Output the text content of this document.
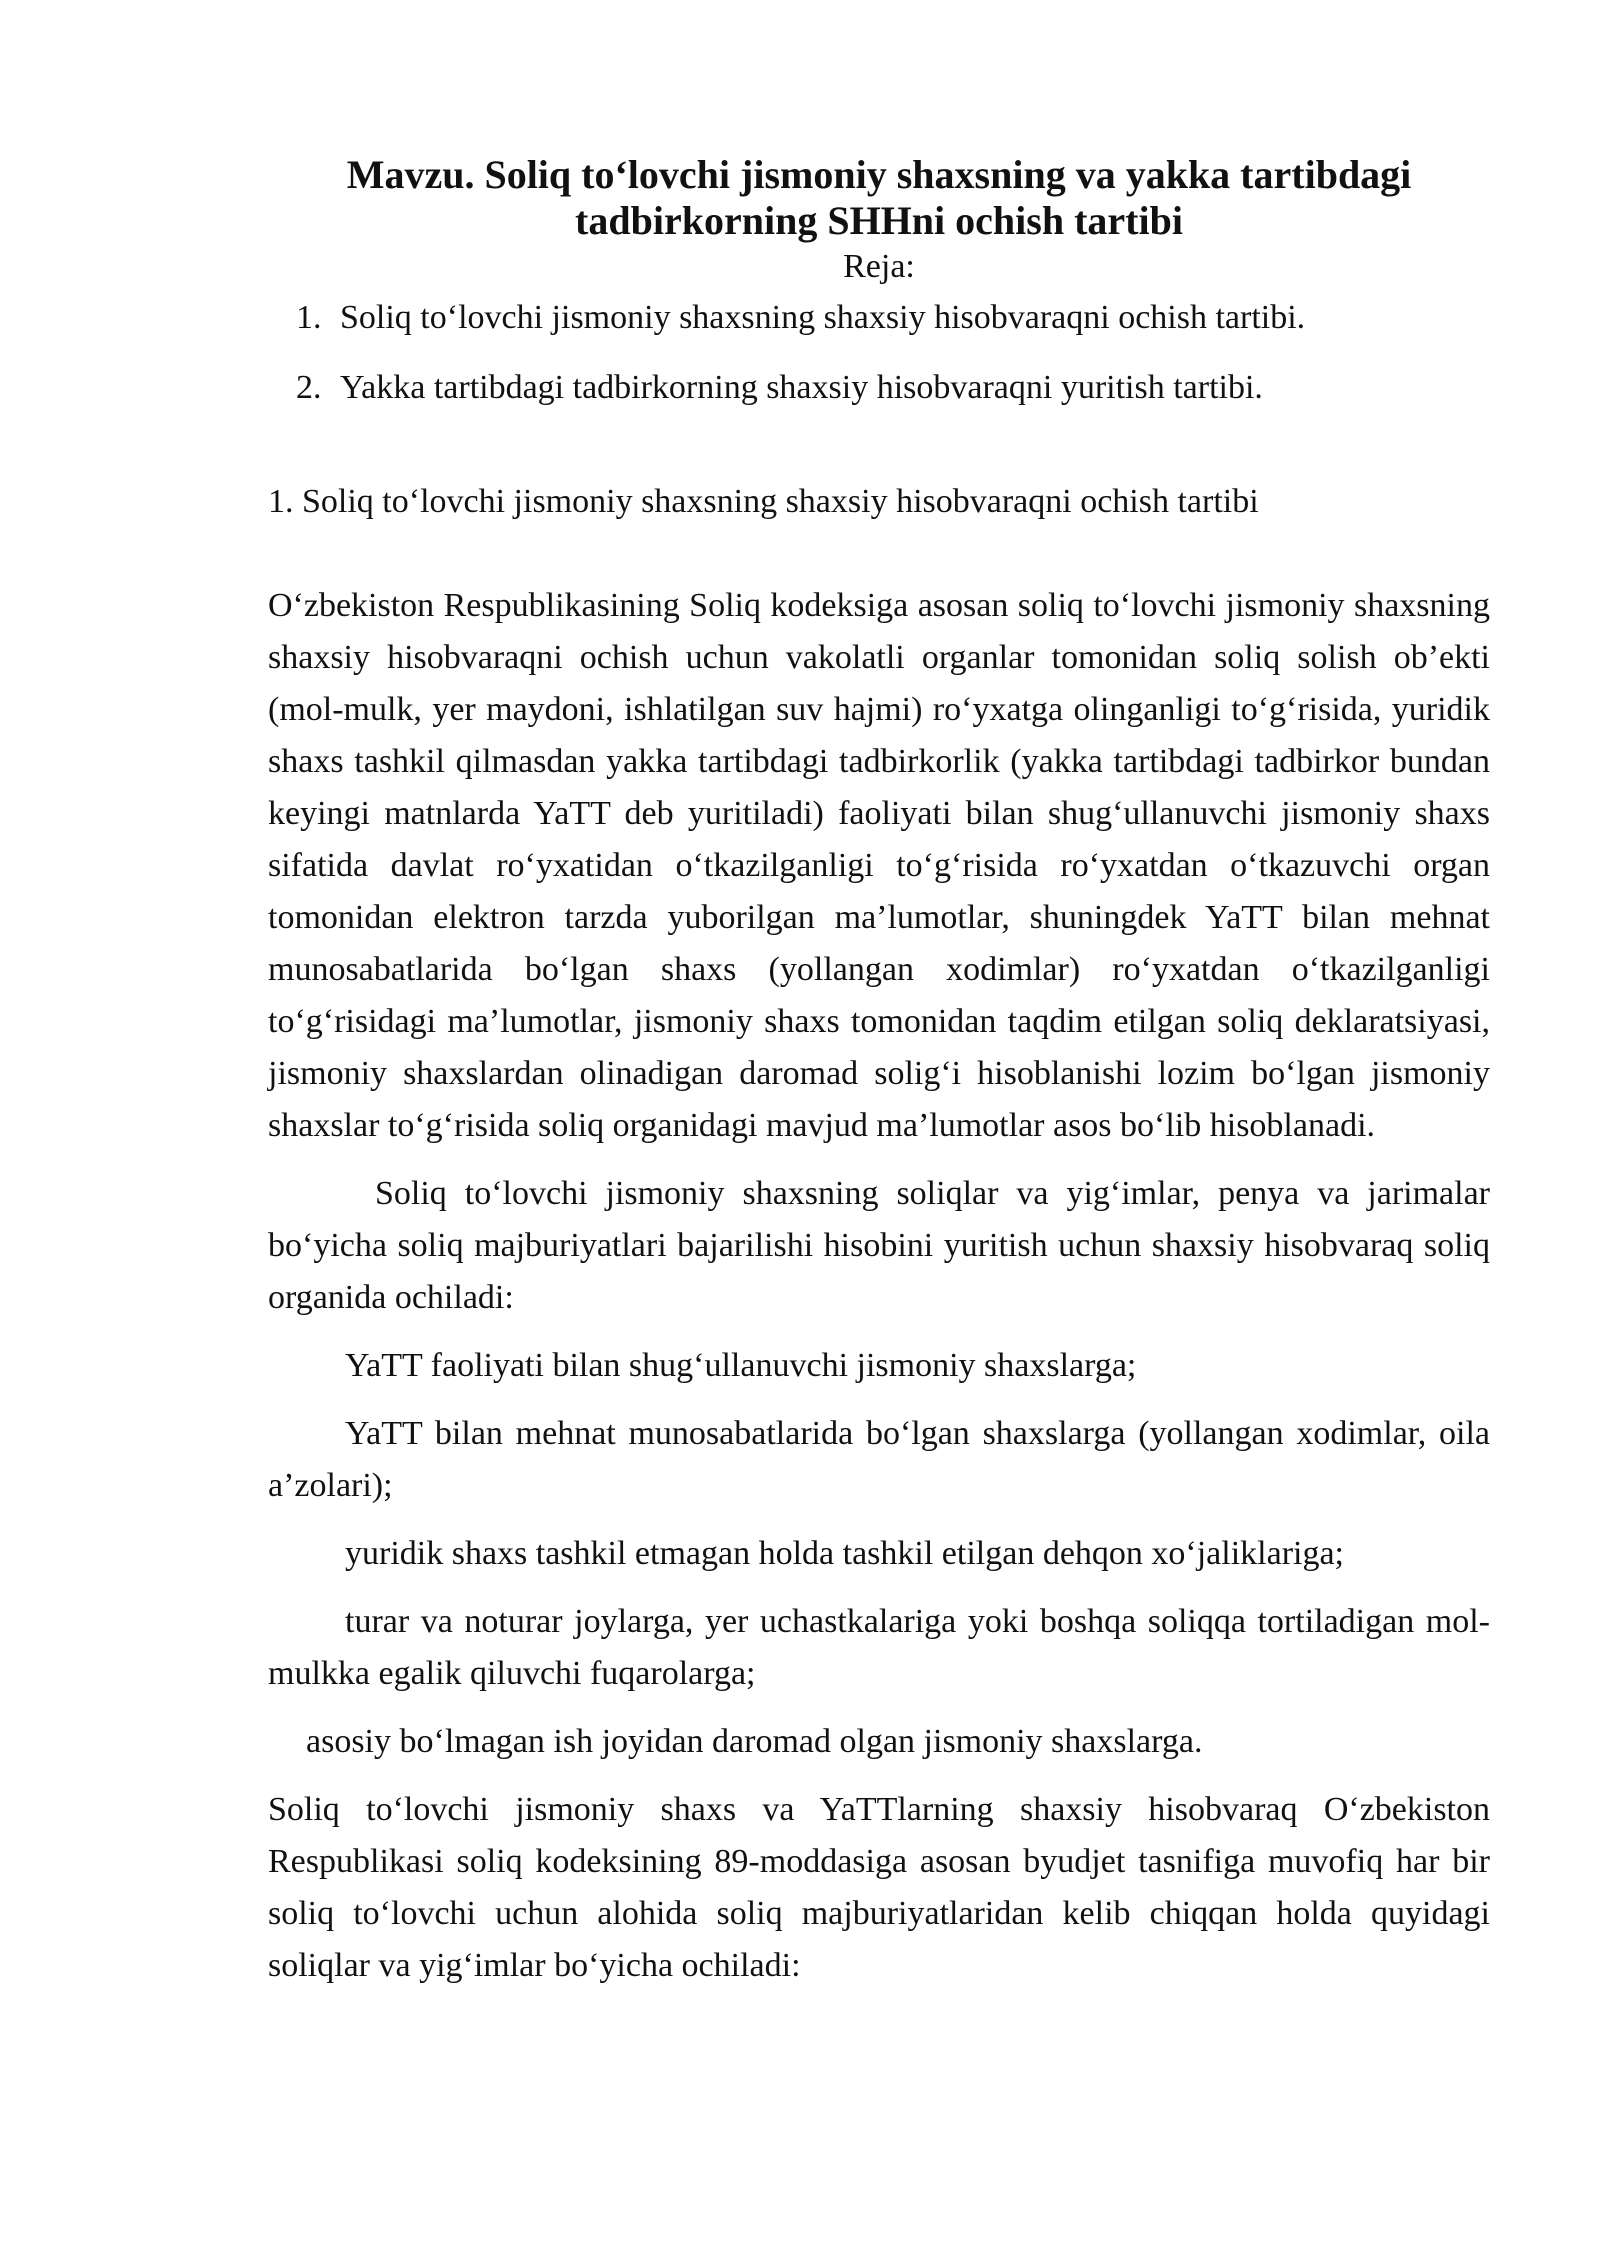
Mavzu. Soliq to‘lovchi jismoniy shaxsning va yakka tartibdagi tadbirkorning SHHni ochish tartibi

Reja:

1. Soliq to‘lovchi jismoniy shaxsning shaxsiy hisobvaraqni ochish tartibi.
2. Yakka tartibdagi tadbirkorning shaxsiy hisobvaraqni yuritish tartibi.

1. Soliq to‘lovchi jismoniy shaxsning shaxsiy hisobvaraqni ochish tartibi

O‘zbekiston Respublikasining Soliq kodeksiga asosan soliq to‘lovchi jismoniy shaxsning shaxsiy hisobvaraqni ochish uchun vakolatli organlar tomonidan soliq solish ob’ekti (mol-mulk, yer maydoni, ishlatilgan suv hajmi) ro‘yxatga olinganligi to‘g‘risida, yuridik shaxs tashkil qilmasdan yakka tartibdagi tadbirkorlik (yakka tartibdagi tadbirkor bundan keyingi matnlarda YaTT deb yuritiladi) faoliyati bilan shug‘ullanuvchi jismoniy shaxs sifatida davlat ro‘yxatidan o‘tkazilganligi to‘g‘risida ro‘yxatdan o‘tkazuvchi organ tomonidan elektron tarzda yuborilgan ma’lumotlar, shuningdek YaTT bilan mehnat munosabatlarida bo‘lgan shaxs (yollangan xodimlar) ro‘yxatdan o‘tkazilganligi to‘g‘risidagi ma’lumotlar, jismoniy shaxs tomonidan taqdim etilgan soliq deklaratsiyasi, jismoniy shaxslardan olinadigan daromad solig‘i hisoblanishi lozim bo‘lgan jismoniy shaxslar to‘g‘risida soliq organidagi mavjud ma’lumotlar asos bo‘lib hisoblanadi.

Soliq to‘lovchi jismoniy shaxsning soliqlar va yig‘imlar, penya va jarimalar bo‘yicha soliq majburiyatlari bajarilishi hisobini yuritish uchun shaxsiy hisobvaraq soliq organida ochiladi:

YaTT faoliyati bilan shug‘ullanuvchi jismoniy shaxslarga;

YaTT bilan mehnat munosabatlarida bo‘lgan shaxslarga (yollangan xodimlar, oila a’zolari);

yuridik shaxs tashkil etmagan holda tashkil etilgan dehqon xo‘jaliklariga;

turar va noturar joylarga, yer uchastkalariga yoki boshqa soliqqa tortiladigan mol-mulkka egalik qiluvchi fuqarolarga;

asosiy bo‘lmagan ish joyidan daromad olgan jismoniy shaxslarga.

Soliq to‘lovchi jismoniy shaxs va YaTTlarning shaxsiy hisobvaraq O‘zbekiston Respublikasi soliq kodeksining 89-moddasiga asosan byudjet tasnifiga muvofiq har bir soliq to‘lovchi uchun alohida soliq majburiyatlaridan kelib chiqqan holda quyidagi soliqlar va yig‘imlar bo‘yicha ochiladi:
